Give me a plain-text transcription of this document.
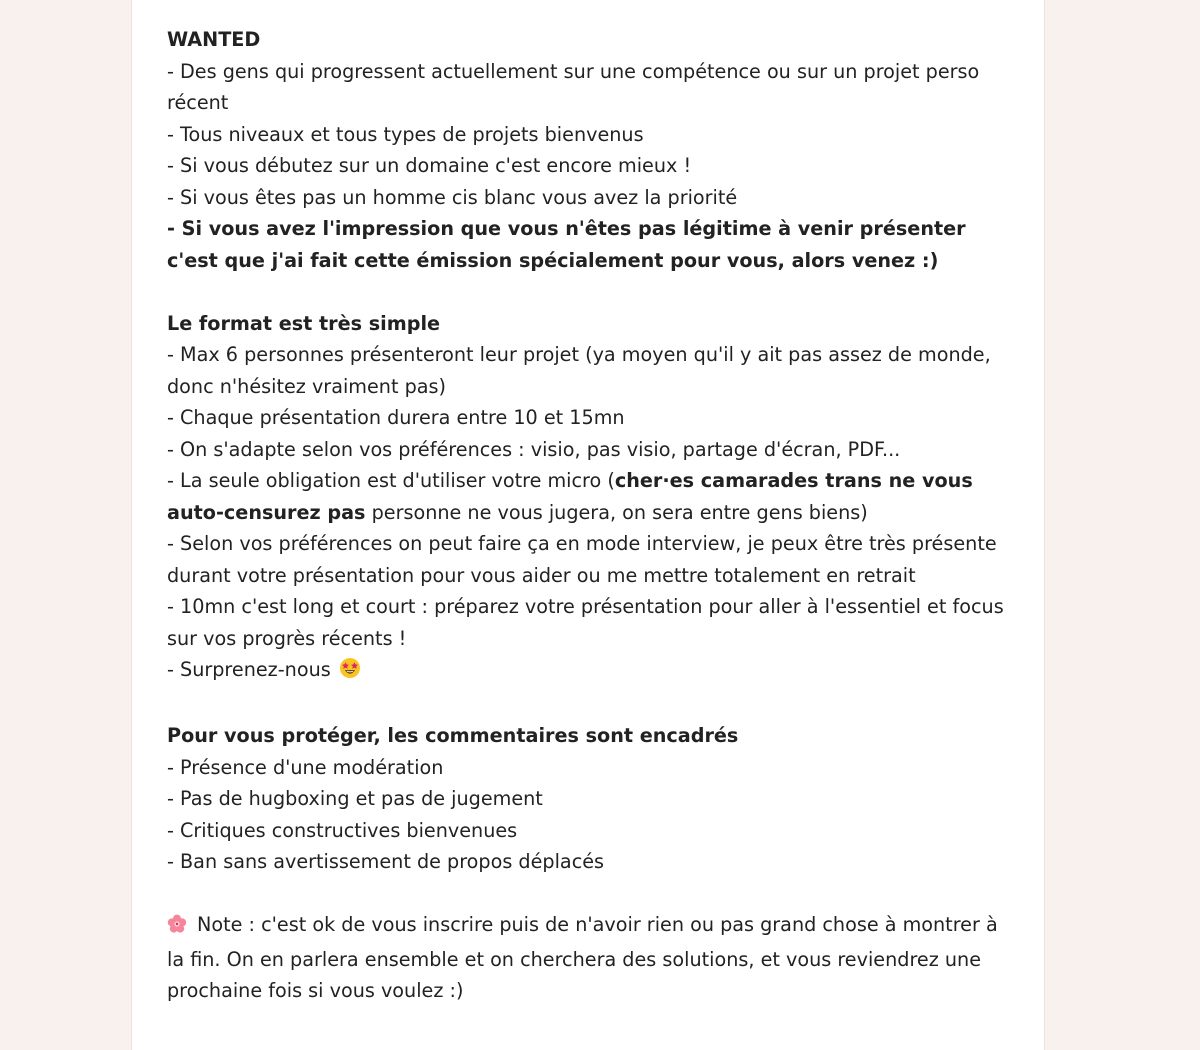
WANTED

- Des gens qui progressent actuellement sur une compétence ou sur un projet perso récent

- Tous niveaux et tous types de projets bienvenus

- Si vous débutez sur un domaine c'est encore mieux !

- Si vous êtes pas un homme cis blanc vous avez la priorité

- Si vous avez l'impression que vous n'êtes pas légitime à venir présenter c'est que j'ai fait cette émission spécialement pour vous, alors venez :)

Le format est très simple

- Max 6 personnes présenteront leur projet (ya moyen qu'il y ait pas assez de monde, donc n'hésitez vraiment pas)

- Chaque présentation durera entre 10 et 15mn

- On s'adapte selon vos préférences : visio, pas visio, partage d'écran, PDF...

- La seule obligation est d'utiliser votre micro (cher·es camarades trans ne vous auto-censurez pas personne ne vous jugera, on sera entre gens biens)

- Selon vos préférences on peut faire ça en mode interview, je peux être très présente durant votre présentation pour vous aider ou me mettre totalement en retrait

- 10mn c'est long et court : préparez votre présentation pour aller à l'essentiel et focus sur vos progrès récents !

- Surprenez-nous

Pour vous protéger, les commentaires sont encadrés

- Présence d'une modération

- Pas de hugboxing et pas de jugement

- Critiques constructives bienvenues

- Ban sans avertissement de propos déplacés

Note : c'est ok de vous inscrire puis de n'avoir rien ou pas grand chose à montrer à la fin. On en parlera ensemble et on cherchera des solutions, et vous reviendrez une prochaine fois si vous voulez :)
